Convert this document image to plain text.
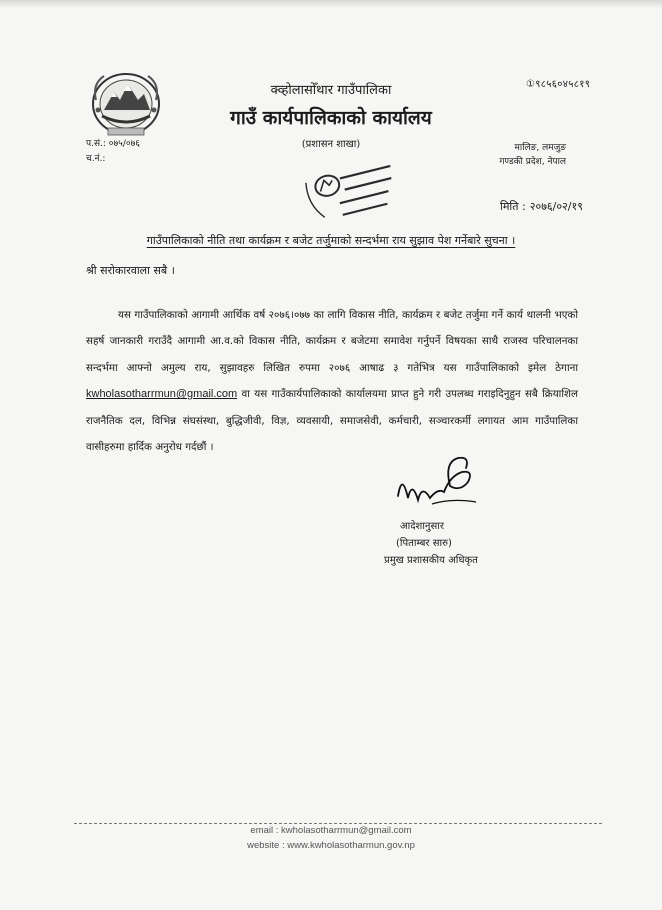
①९८५६०४५८१९
क्व्होलासोँथार गाउँपालिका
गाउँ कार्यपालिकाको कार्यालय
(प्रशासन शाखा)
प.सं.: ०७५/०७६
च.नं.:
मालिङ, लमजुङ
गण्डकी प्रदेश, नेपाल
मिति : २०७६/०२/१९
गाउँपालिकाको नीति तथा कार्यक्रम र बजेट तर्जुमाको सन्दर्भमा राय सुझाव पेश गर्नेबारे सुचना ।
श्री सरोकारवाला सबै ।
यस गाउँपालिकाको आगामी आर्थिक वर्ष २०७६।०७७ का लागि विकास नीति, कार्यक्रम र बजेट तर्जुमा गर्ने कार्य थालनी भएको सहर्ष जानकारी गराउँदै आगामी आ.व.को विकास नीति, कार्यक्रम र बजेटमा समावेश गर्नुपर्ने विषयका साथै राजस्व परिचालनका सन्दर्भमा आफ्नो अमुल्य राय, सुझावहरु लिखित रुपमा २०७६ आषाढ ३ गतेभित्र यस गाउँपालिकाको इमेल ठेगाना kwholasotharrmun@gmail.com वा यस गाउँकार्यपालिकाको कार्यालयमा प्राप्त हुने गरी उपलब्ध गराइदिनुहुन सबै क्रियाशिल राजनैतिक दल, विभिन्न संघसंस्था, बुद्धिजीवी, विज्ञ, व्यवसायी, समाजसेवी, कर्मचारी, सञ्चारकर्मी लगायत आम गाउँपालिका वासीहरुमा हार्दिक अनुरोध गर्दछौं ।
आदेशानुसार
(पिताम्बर सारु)
प्रमुख प्रशासकीय अधिकृत
email : kwholasotharrmun@gmail.com
website : www.kwholasotharmun.gov.np
